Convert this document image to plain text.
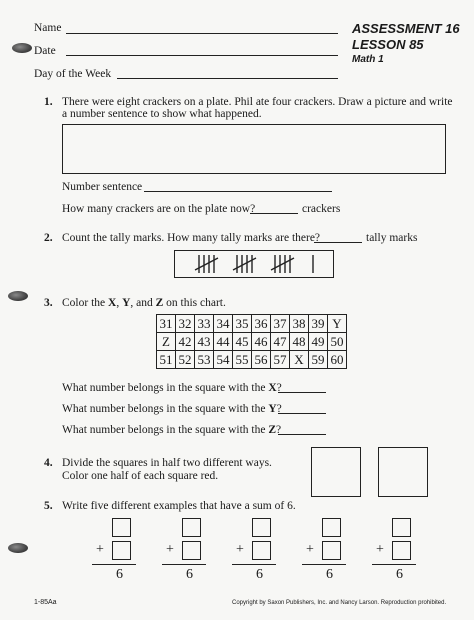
Name
Date
Day of the Week
ASSESSMENT 16
LESSON 85
Math 1
1. There were eight crackers on a plate. Phil ate four crackers. Draw a picture and write
a number sentence to show what happened.
Number sentence
How many crackers are on the plate now?	crackers
2. Count the tally marks. How many tally marks are there?	tally marks
3. Color the X, Y, and Z on this chart.
31	32	33	34	35	36	37	38	39	Y
Z	42	43	44	45	46	47	48	49	50
51	52	53	54	55	56	57	X	59	60
What number belongs in the square with the X?
What number belongs in the square with the Y?
What number belongs in the square with the Z?
4. Divide the squares in half two different ways.
Color one half of each square red.
5. Write five different examples that have a sum of 6.
+
6
+
6
+
6
+
6
+
6
1-85Aa	Copyright by Saxon Publishers, Inc. and Nancy Larson. Reproduction prohibited.
